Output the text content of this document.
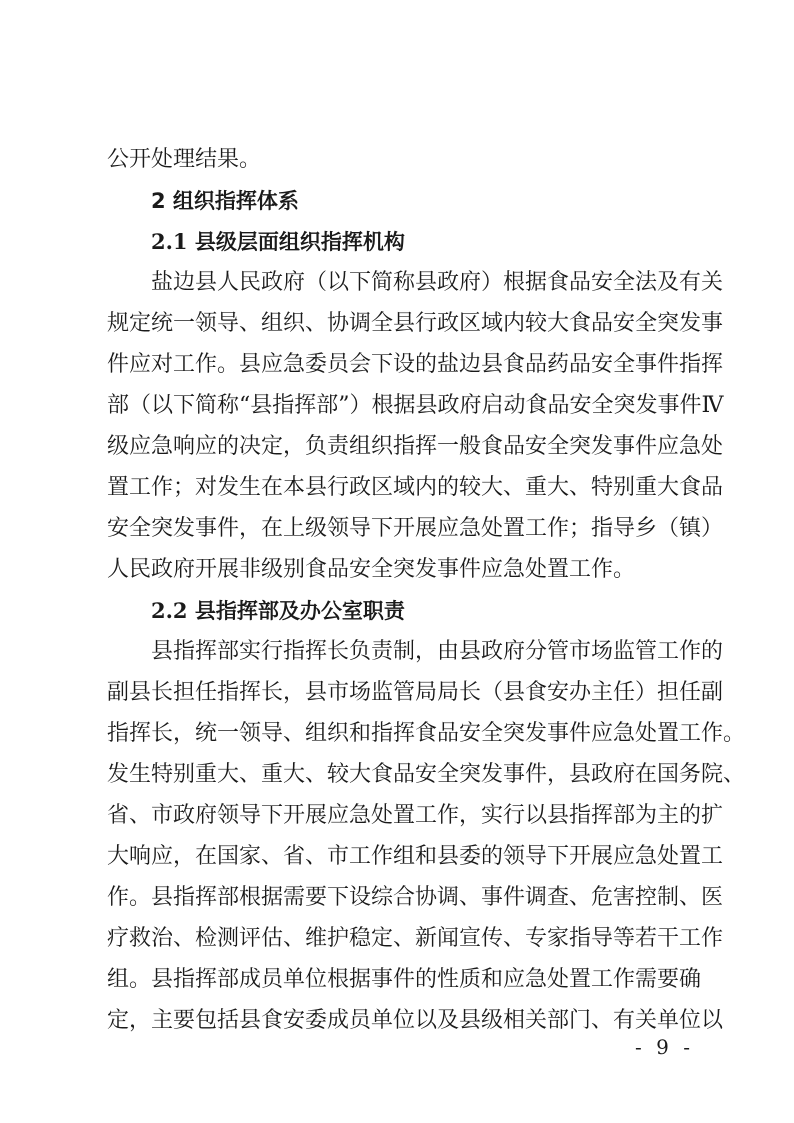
公开处理结果。
2 组织指挥体系
2.1 县级层面组织指挥机构
盐边县人民政府（以下简称县政府）根据食品安全法及有关
规定统一领导、组织、协调全县行政区域内较大食品安全突发事
件应对工作。县应急委员会下设的盐边县食品药品安全事件指挥
部（以下简称“县指挥部”）根据县政府启动食品安全突发事件Ⅳ
级应急响应的决定，负责组织指挥一般食品安全突发事件应急处
置工作；对发生在本县行政区域内的较大、重大、特别重大食品
安全突发事件，在上级领导下开展应急处置工作；指导乡（镇）
人民政府开展非级别食品安全突发事件应急处置工作。
2.2 县指挥部及办公室职责
县指挥部实行指挥长负责制，由县政府分管市场监管工作的
副县长担任指挥长，县市场监管局局长（县食安办主任）担任副
指挥长，统一领导、组织和指挥食品安全突发事件应急处置工作。
发生特别重大、重大、较大食品安全突发事件，县政府在国务院、
省、市政府领导下开展应急处置工作，实行以县指挥部为主的扩
大响应，在国家、省、市工作组和县委的领导下开展应急处置工
作。县指挥部根据需要下设综合协调、事件调查、危害控制、医
疗救治、检测评估、维护稳定、新闻宣传、专家指导等若干工作
组。县指挥部成员单位根据事件的性质和应急处置工作需要确
定，主要包括县食安委成员单位以及县级相关部门、有关单位以
- 9 -
